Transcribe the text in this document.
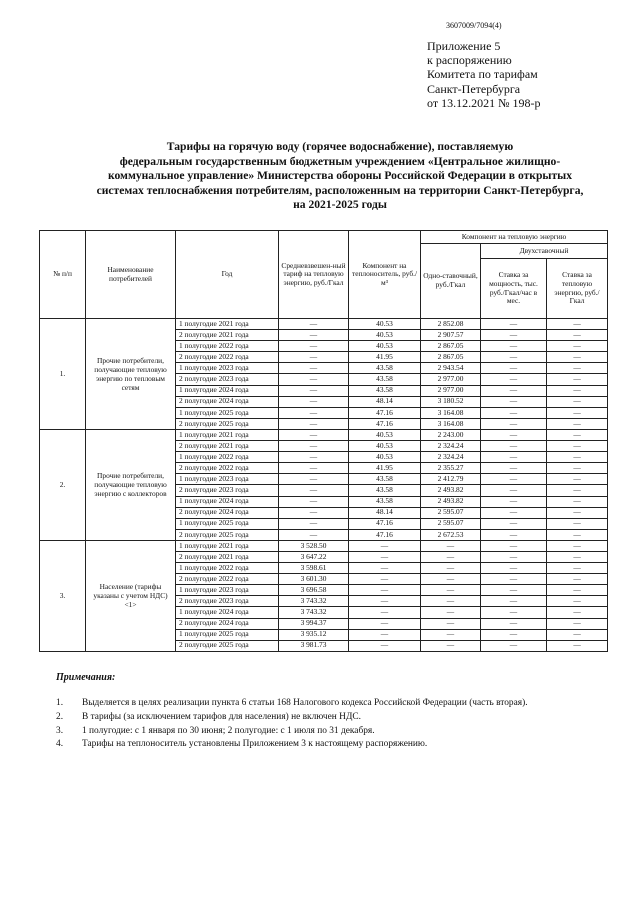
3607009/7094(4)
Приложение 5
к распоряжению
Комитета по тарифам
Санкт-Петербурга
от 13.12.2021 № 198-р
Тарифы на горячую воду (горячее водоснабжение), поставляемую
федеральным государственным бюджетным учреждением «Центральное жилищно-
коммунальное управление» Министерства обороны Российской Федерации в открытых
системах теплоснабжения потребителям, расположенным на территории Санкт-Петербурга,
на 2021-2025 годы
№ п/п	Наименование потребителей	Год	Средневзвешен-ный тариф на тепловую энергию, руб./Гкал	Компонент на теплоноситель, руб./м³	Компонент на тепловую энергию		
					Одно-ставочный, руб./Гкал	Двухставочный	
						Ставка за мощность, тыс. руб./Гкал/час в мес.	Ставка за тепловую энергию, руб./Гкал
1.	Прочие потребители, получающие тепловую энергию по тепловым сетям	1 полугодие 2021 года	—	40.53	2 852.08	—	—
		2 полугодие 2021 года	—	40.53	2 907.57	—	—
		1 полугодие 2022 года	—	40.53	2 867.05	—	—
		2 полугодие 2022 года	—	41.95	2 867.05	—	—
		1 полугодие 2023 года	—	43.58	2 943.54	—	—
		2 полугодие 2023 года	—	43.58	2 977.00	—	—
		1 полугодие 2024 года	—	43.58	2 977.00	—	—
		2 полугодие 2024 года	—	48.14	3 180.52	—	—
		1 полугодие 2025 года	—	47.16	3 164.08	—	—
		2 полугодие 2025 года	—	47.16	3 164.08	—	—
2.	Прочие потребители, получающие тепловую энергию с коллекторов	1 полугодие 2021 года	—	40.53	2 243.00	—	—
		2 полугодие 2021 года	—	40.53	2 324.24	—	—
		1 полугодие 2022 года	—	40.53	2 324.24	—	—
		2 полугодие 2022 года	—	41.95	2 355.27	—	—
		1 полугодие 2023 года	—	43.58	2 412.79	—	—
		2 полугодие 2023 года	—	43.58	2 493.82	—	—
		1 полугодие 2024 года	—	43.58	2 493.82	—	—
		2 полугодие 2024 года	—	48.14	2 595.07	—	—
		1 полугодие 2025 года	—	47.16	2 595.07	—	—
		2 полугодие 2025 года	—	47.16	2 672.53	—	—
3.	Население (тарифы указаны с учетом НДС) <1>	1 полугодие 2021 года	3 528.50	—	—	—	—
		2 полугодие 2021 года	3 647.22	—	—	—	—
		1 полугодие 2022 года	3 598.61	—	—	—	—
		2 полугодие 2022 года	3 601.30	—	—	—	—
		1 полугодие 2023 года	3 696.58	—	—	—	—
		2 полугодие 2023 года	3 743.32	—	—	—	—
		1 полугодие 2024 года	3 743.32	—	—	—	—
		2 полугодие 2024 года	3 994.37	—	—	—	—
		1 полугодие 2025 года	3 935.12	—	—	—	—
		2 полугодие 2025 года	3 981.73	—	—	—	—
Примечания:
1.	Выделяется в целях реализации пункта 6 статьи 168 Налогового кодекса Российской Федерации (часть вторая).
2.	В тарифы (за исключением тарифов для населения) не включен НДС.
3.	1 полугодие: с 1 января по 30 июня; 2 полугодие: с 1 июля по 31 декабря.
4.	Тарифы на теплоноситель установлены Приложением 3 к настоящему распоряжению.
